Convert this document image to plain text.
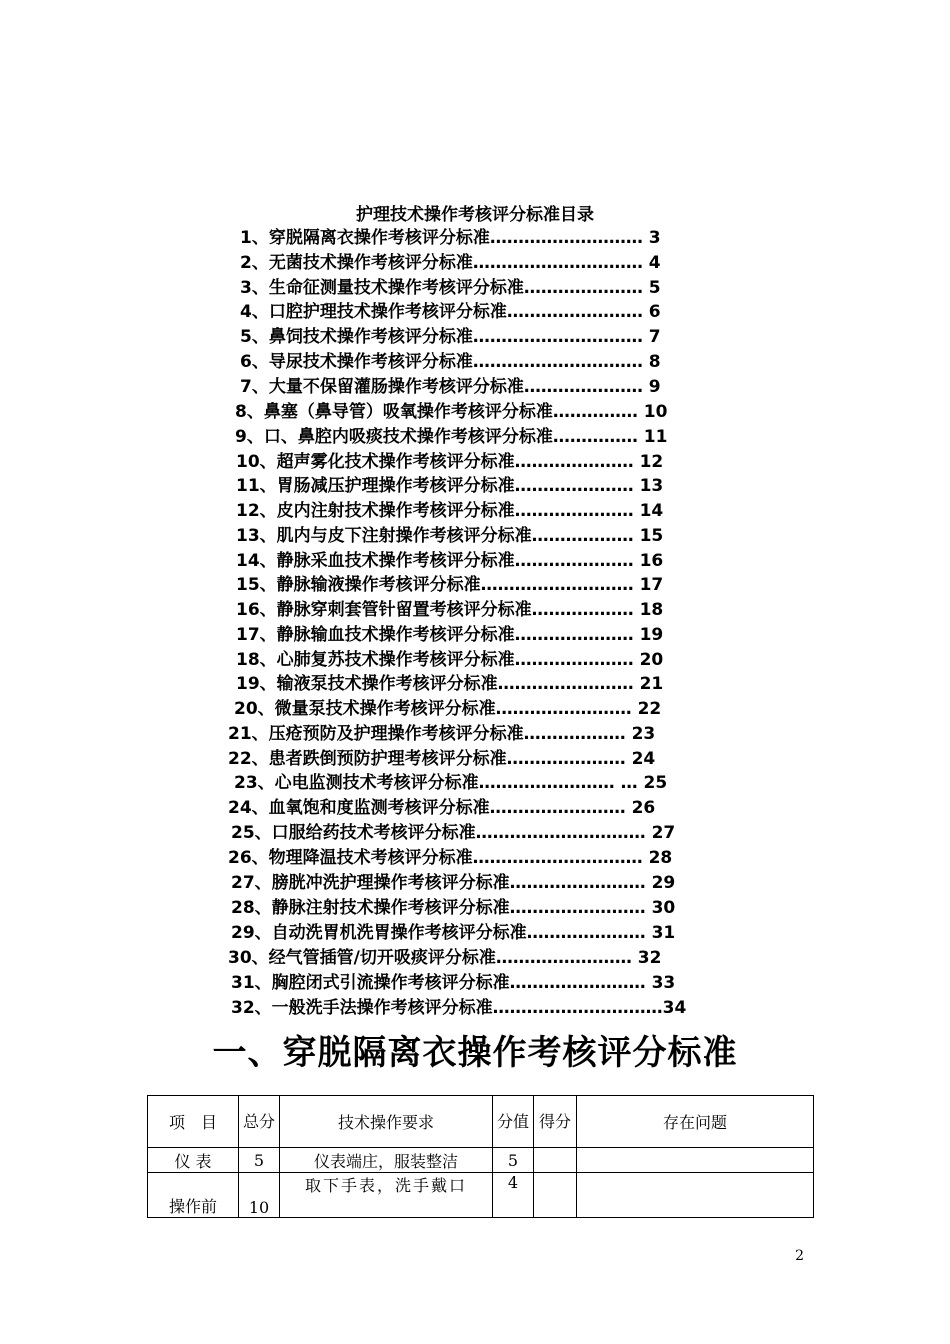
护理技术操作考核评分标准目录
1、穿脱隔离衣操作考核评分标准……………………… 3
2、无菌技术操作考核评分标准………………………… 4
3、生命征测量技术操作考核评分标准………………… 5
4、口腔护理技术操作考核评分标准…………………… 6
5、鼻饲技术操作考核评分标准………………………… 7
6、导尿技术操作考核评分标准………………………… 8
7、大量不保留灌肠操作考核评分标准………………… 9
8、鼻塞（鼻导管）吸氧操作考核评分标准…………… 10
9、口、鼻腔内吸痰技术操作考核评分标准…………… 11
10、超声雾化技术操作考核评分标准………………… 12
11、胃肠减压护理操作考核评分标准………………… 13
12、皮内注射技术操作考核评分标准………………… 14
13、肌内与皮下注射操作考核评分标准……………… 15
14、静脉采血技术操作考核评分标准………………… 16
15、静脉输液操作考核评分标准……………………… 17
16、静脉穿刺套管针留置考核评分标准……………… 18
17、静脉输血技术操作考核评分标准………………… 19
18、心肺复苏技术操作考核评分标准………………… 20
19、输液泵技术操作考核评分标准…………………… 21
20、微量泵技术操作考核评分标准…………………… 22
21、压疮预防及护理操作考核评分标准……………… 23
22、患者跌倒预防护理考核评分标准………………… 24
23、心电监测技术考核评分标准…………………… … 25
24、血氧饱和度监测考核评分标准…………………… 26
25、口服给药技术考核评分标准………………………… 27
26、物理降温技术考核评分标准………………………… 28
27、膀胱冲洗护理操作考核评分标准…………………… 29
28、静脉注射技术操作考核评分标准…………………… 30
29、自动洗胃机洗胃操作考核评分标准………………… 31
30、经气管插管/切开吸痰评分标准…………………… 32
31、胸腔闭式引流操作考核评分标准…………………… 33
32、一般洗手法操作考核评分标准…………………………34
一、穿脱隔离衣操作考核评分标准
项　目	总分	技术操作要求	分值	得分	存在问题
仪 表	5	仪表端庄，服装整洁	5		
操作前	10	取下手表，洗手戴口	4		
2
